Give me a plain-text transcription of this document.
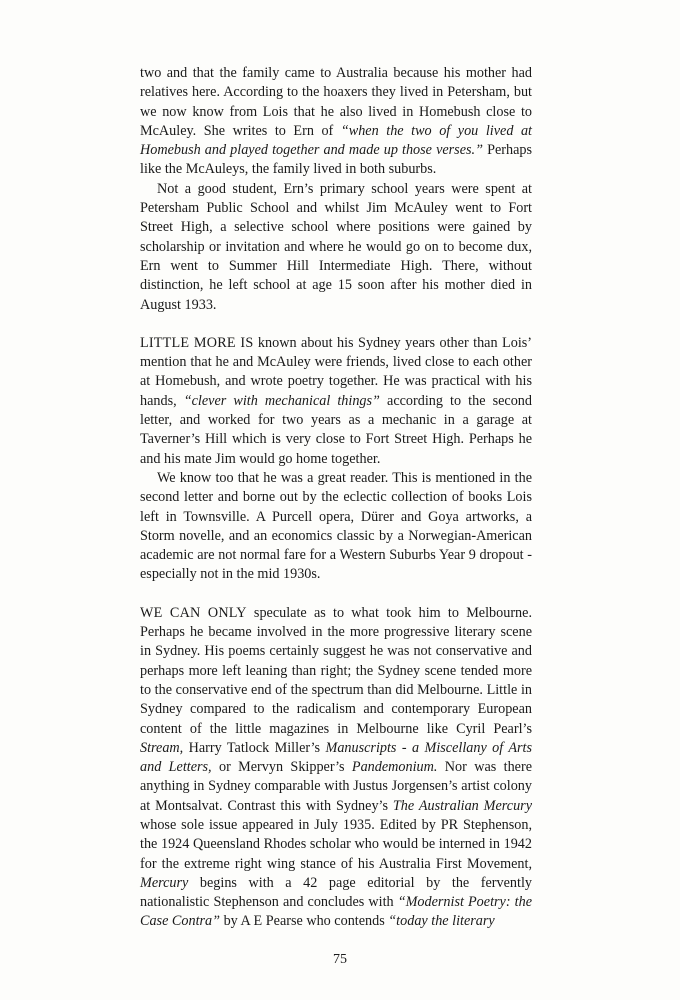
two and that the family came to Australia because his mother had relatives here. According to the hoaxers they lived in Petersham, but we now know from Lois that he also lived in Homebush close to McAuley. She writes to Ern of “when the two of you lived at Homebush and played together and made up those verses.” Perhaps like the McAuleys, the family lived in both suburbs.

Not a good student, Ern’s primary school years were spent at Petersham Public School and whilst Jim McAuley went to Fort Street High, a selective school where positions were gained by scholarship or invitation and where he would go on to become dux, Ern went to Summer Hill Intermediate High. There, without distinction, he left school at age 15 soon after his mother died in August 1933.

LITTLE MORE IS known about his Sydney years other than Lois’ mention that he and McAuley were friends, lived close to each other at Homebush, and wrote poetry together. He was practical with his hands, “clever with mechanical things” according to the second letter, and worked for two years as a mechanic in a garage at Taverner’s Hill which is very close to Fort Street High. Perhaps he and his mate Jim would go home together.

We know too that he was a great reader. This is mentioned in the second letter and borne out by the eclectic collection of books Lois left in Townsville. A Purcell opera, Dürer and Goya artworks, a Storm novelle, and an economics classic by a Norwegian-American academic are not normal fare for a Western Suburbs Year 9 dropout - especially not in the mid 1930s.

WE CAN ONLY speculate as to what took him to Melbourne. Perhaps he became involved in the more progressive literary scene in Sydney. His poems certainly suggest he was not conservative and perhaps more left leaning than right; the Sydney scene tended more to the conservative end of the spectrum than did Melbourne. Little in Sydney compared to the radicalism and contemporary European content of the little magazines in Melbourne like Cyril Pearl’s Stream, Harry Tatlock Miller’s Manuscripts - a Miscellany of Arts and Letters, or Mervyn Skipper’s Pandemonium. Nor was there anything in Sydney comparable with Justus Jorgensen’s artist colony at Montsalvat. Contrast this with Sydney’s The Australian Mercury whose sole issue appeared in July 1935. Edited by PR Stephenson, the 1924 Queensland Rhodes scholar who would be interned in 1942 for the extreme right wing stance of his Australia First Movement, Mercury begins with a 42 page editorial by the fervently nationalistic Stephenson and concludes with “Modernist Poetry: the Case Contra” by A E Pearse who contends “today the literary

75
